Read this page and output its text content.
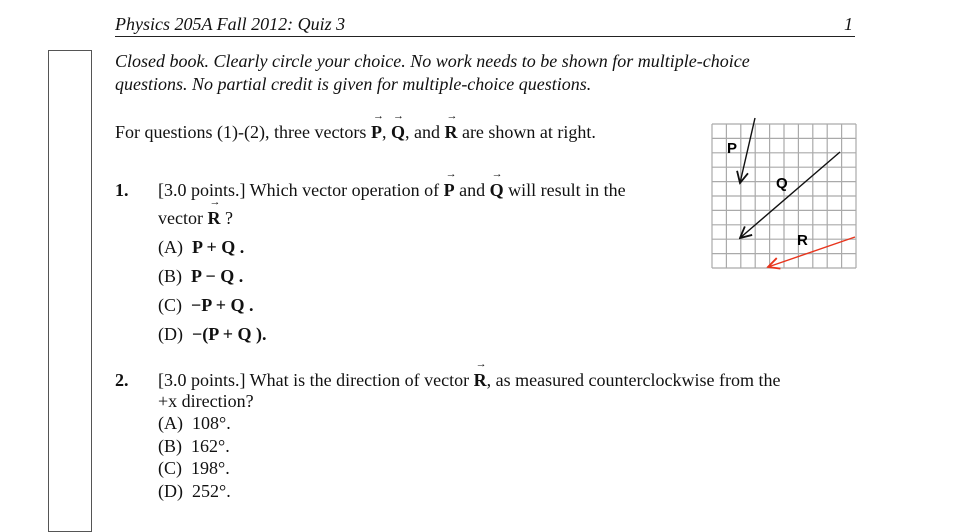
Physics 205A Fall 2012: Quiz 3	1
Closed book. Clearly circle your choice. No work needs to be shown for multiple-choice
questions. No partial credit is given for multiple-choice questions.
For questions (1)-(2), three vectors → P, → Q, and → R are shown at right.
1. [3.0 points.] Which vector operation of → P and → Q will result in the
vector → R ?
(A) P + Q .
(B) P − Q .
(C) −P + Q .
(D) −(P + Q ).
2. [3.0 points.] What is the direction of vector → R, as measured counterclockwise from the
+x direction?
(A) 108°.
(B) 162°.
(C) 198°.
(D) 252°.
P
Q
R
